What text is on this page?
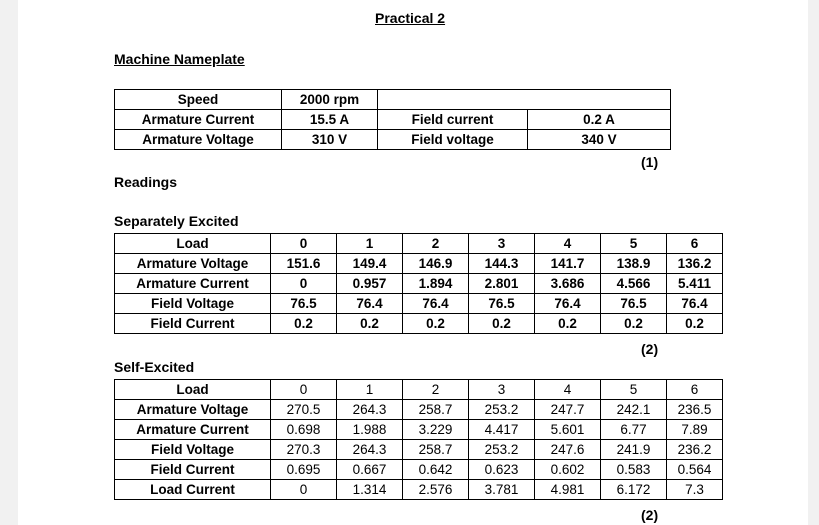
Practical 2
Machine Nameplate
Speed	2000 rpm		
Armature Current	15.5 A	Field current	0.2 A
Armature Voltage	310 V	Field voltage	340 V
(1)
Readings
Separately Excited
Load	0	1	2	3	4	5	6
Armature Voltage	151.6	149.4	146.9	144.3	141.7	138.9	136.2
Armature Current	0	0.957	1.894	2.801	3.686	4.566	5.411
Field Voltage	76.5	76.4	76.4	76.5	76.4	76.5	76.4
Field Current	0.2	0.2	0.2	0.2	0.2	0.2	0.2
(2)
Self-Excited
Load	0	1	2	3	4	5	6
Armature Voltage	270.5	264.3	258.7	253.2	247.7	242.1	236.5
Armature Current	0.698	1.988	3.229	4.417	5.601	6.77	7.89
Field Voltage	270.3	264.3	258.7	253.2	247.6	241.9	236.2
Field Current	0.695	0.667	0.642	0.623	0.602	0.583	0.564
Load Current	0	1.314	2.576	3.781	4.981	6.172	7.3
(2)
